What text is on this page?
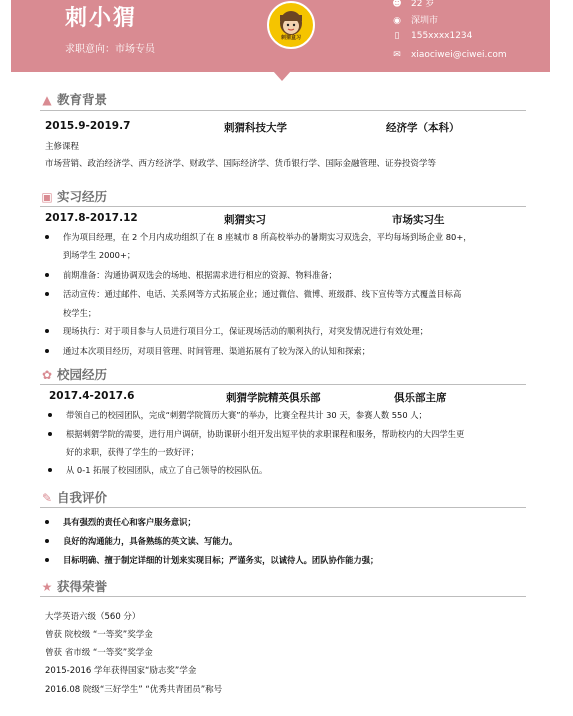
刺小猬
求职意向：市场专员
刺猬盒习
☻ 22 岁
◉ 深圳市
▯ 155xxxx1234
✉ xiaociwei@ciwei.com
▲ 教育背景
2015.9-2019.7	刺猬科技大学	经济学（本科）
主修课程
市场营销、政治经济学、西方经济学、财政学、国际经济学、货币银行学、国际金融管理、证券投资学等
▣ 实习经历
2017.8-2017.12	刺猬实习	市场实习生
作为项目经理，在 2 个月内成功组织了在 8 座城市 8 所高校举办的暑期实习双选会，平均每场到场企业 80+，
到场学生 2000+；
前期准备：沟通协调双选会的场地、根据需求进行相应的资源、物料准备；
活动宣传：通过邮件、电话、关系网等方式拓展企业；通过微信、微博、班级群、线下宣传等方式覆盖目标高
校学生；
现场执行：对于项目参与人员进行项目分工，保证现场活动的顺利执行，对突发情况进行有效处理；
通过本次项目经历，对项目管理、时间管理、渠道拓展有了较为深入的认知和探索；
✿ 校园经历
2017.4-2017.6	刺猬学院精英俱乐部	俱乐部主席
带领自己的校园团队，完成“刺猬学院简历大赛”的举办，比赛全程共计 30 天，参赛人数 550 人；
根据刺猬学院的需要，进行用户调研，协助课研小组开发出短平快的求职课程和服务，帮助校内的大四学生更
好的求职，获得了学生的一致好评；
从 0-1 拓展了校园团队，成立了自己领导的校园队伍。
✎ 自我评价
具有强烈的责任心和客户服务意识；
良好的沟通能力，具备熟练的英文读、写能力。
目标明确、擅于制定详细的计划来实现目标；严谨务实，以诚待人。团队协作能力强；
★ 获得荣誉
大学英语六级（560 分）
曾获 院校级 “一等奖”奖学金
曾获 省市级 “一等奖”奖学金
2015-2016 学年获得国家“励志奖”学金
2016.08 院级“三好学生” “优秀共青团员”称号
